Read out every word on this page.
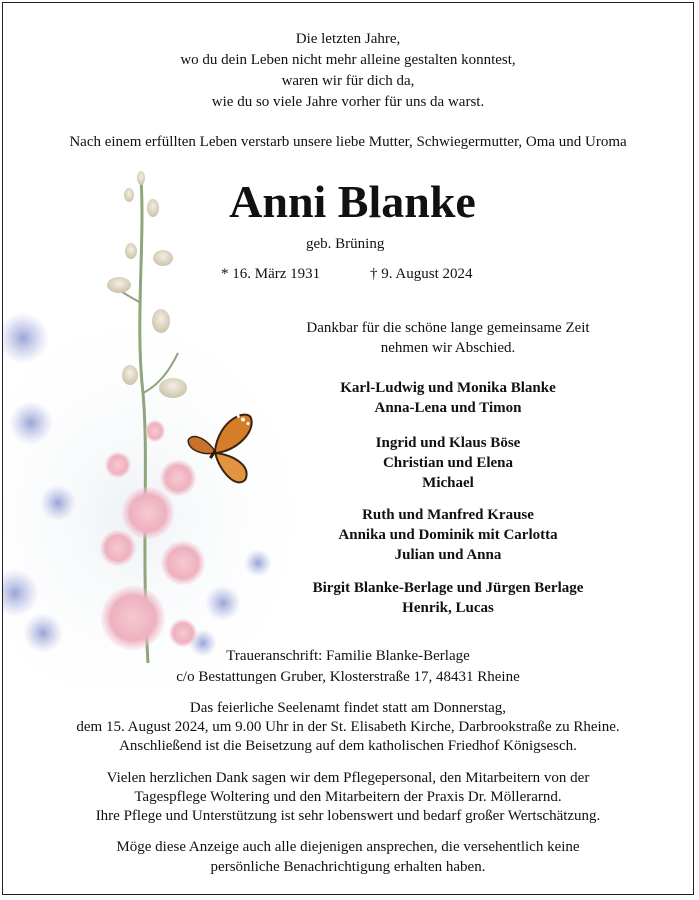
Die letzten Jahre,
wo du dein Leben nicht mehr alleine gestalten konntest,
waren wir für dich da,
wie du so viele Jahre vorher für uns da warst.
Nach einem erfüllten Leben verstarb unsere liebe Mutter, Schwiegermutter, Oma und Uroma
Anni Blanke
geb. Brüning
* 16. März 1931	† 9. August 2024
Dankbar für die schöne lange gemeinsame Zeit
nehmen wir Abschied.
Karl-Ludwig und Monika Blanke
Anna-Lena und Timon
Ingrid und Klaus Böse
Christian und Elena
Michael
Ruth und Manfred Krause
Annika und Dominik mit Carlotta
Julian und Anna
Birgit Blanke-Berlage und Jürgen Berlage
Henrik, Lucas
Traueranschrift: Familie Blanke-Berlage
c/o Bestattungen Gruber, Klosterstraße 17, 48431 Rheine
Das feierliche Seelenamt findet statt am Donnerstag,
dem 15. August 2024, um 9.00 Uhr in der St. Elisabeth Kirche, Darbrookstraße zu Rheine.
Anschließend ist die Beisetzung auf dem katholischen Friedhof Königsesch.
Vielen herzlichen Dank sagen wir dem Pflegepersonal, den Mitarbeitern von der
Tagespflege Woltering und den Mitarbeitern der Praxis Dr. Möllerarnd.
Ihre Pflege und Unterstützung ist sehr lobenswert und bedarf großer Wertschätzung.
Möge diese Anzeige auch alle diejenigen ansprechen, die versehentlich keine
persönliche Benachrichtigung erhalten haben.
